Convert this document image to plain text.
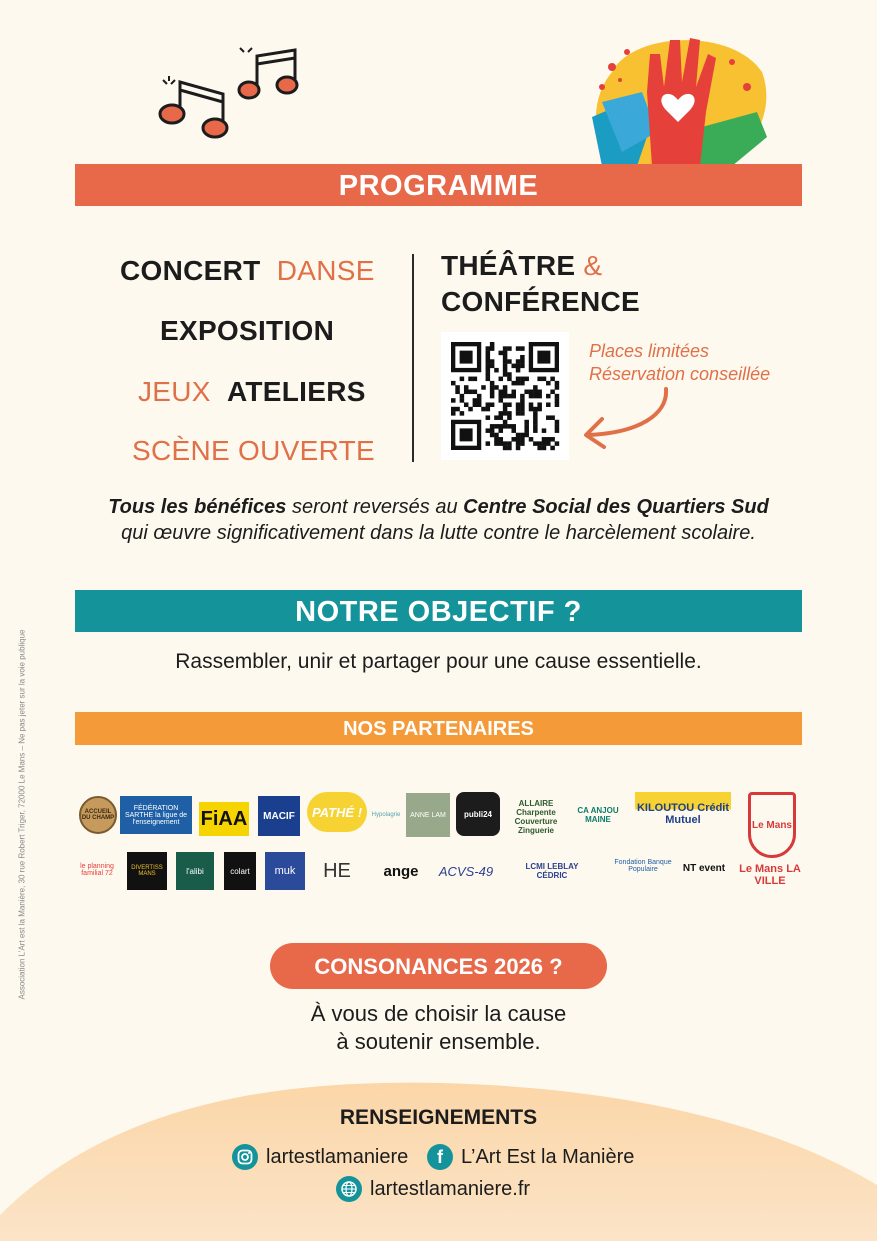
Association L’Art est la Manière, 30 rue Robert Triger, 72000 Le Mans – Ne pas jeter sur la voie publique
PROGRAMME
CONCERT DANSE
EXPOSITION
JEUX ATELIERS
SCÈNE OUVERTE
THÉÂTRE &
CONFÉRENCE
Places limitées
Réservation conseillée
Tous les bénéfices seront reversés au Centre Social des Quartiers Sud
qui œuvre significativement dans la lutte contre le harcèlement scolaire.
NOTRE OBJECTIF ?
Rassembler, unir et partager pour une cause essentielle.
NOS PARTENAIRES
ACCUEIL DU CHAMP
FÉDÉRATION SARTHE la ligue de l'enseignement	FiAA MACIF PATHÉ ! Hypolagrie ANNE LAM publi24
ALLAIRE Charpente Couverture Zinguerie
CA ANJOU MAINE
KILOUTOU Crédit Mutuel	Le Mans
le planning familial 72
DIVERTISS MANS	l'alibi	colart muk HE ange ACVS-49	LCMI LEBLAY CÉDRIC
Fondation Banque Populaire	NT event Le Mans LA VILLE
CONSONANCES 2026 ?
À vous de choisir la cause
à soutenir ensemble.
RENSEIGNEMENTS
lartestlamaniere	f L’Art Est la Manière
lartestlamaniere.fr
